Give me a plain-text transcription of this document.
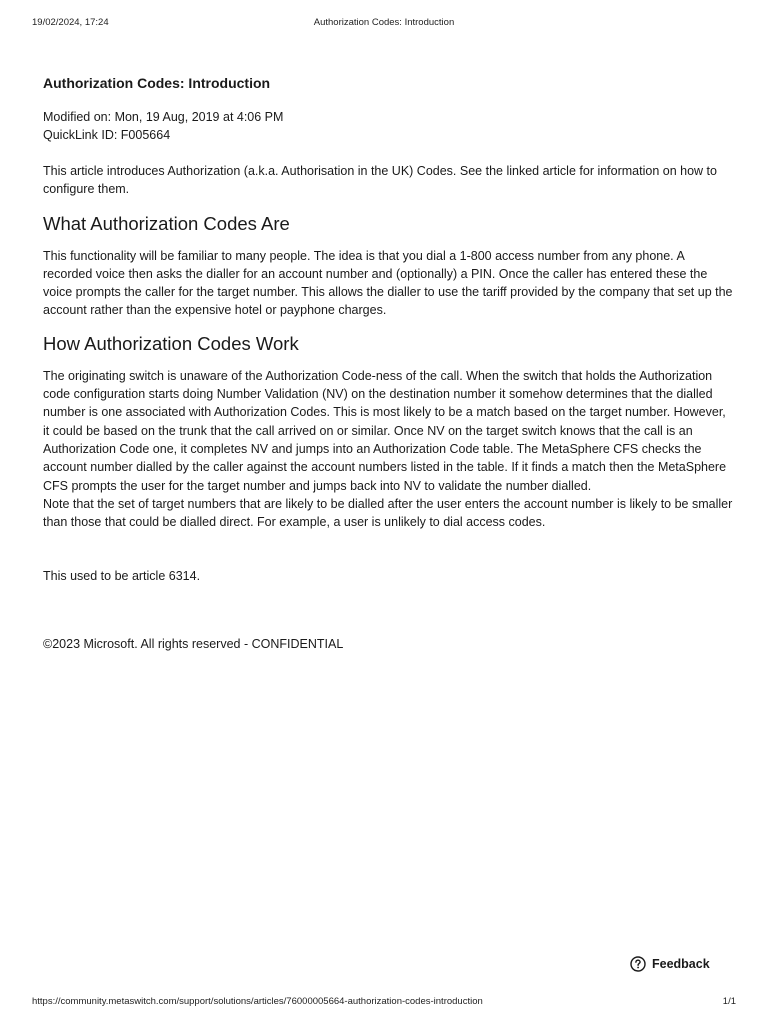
19/02/2024, 17:24	Authorization Codes: Introduction
Authorization Codes: Introduction
Modified on: Mon, 19 Aug, 2019 at 4:06 PM
QuickLink ID: F005664

This article introduces Authorization (a.k.a. Authorisation in the UK) Codes. See the linked article for information on how to configure them.

What Authorization Codes Are

This functionality will be familiar to many people. The idea is that you dial a 1-800 access number from any phone. A recorded voice then asks the dialler for an account number and (optionally) a PIN. Once the caller has entered these the voice prompts the caller for the target number. This allows the dialler to use the tariff provided by the company that set up the account rather than the expensive hotel or payphone charges.

How Authorization Codes Work

The originating switch is unaware of the Authorization Code-ness of the call. When the switch that holds the Authorization code configuration starts doing Number Validation (NV) on the destination number it somehow determines that the dialled number is one associated with Authorization Codes. This is most likely to be a match based on the target number. However, it could be based on the trunk that the call arrived on or similar. Once NV on the target switch knows that the call is an Authorization Code one, it completes NV and jumps into an Authorization Code table. The MetaSphere CFS checks the account number dialled by the caller against the account numbers listed in the table. If it finds a match then the MetaSphere CFS prompts the user for the target number and jumps back into NV to validate the number dialled.

Note that the set of target numbers that are likely to be dialled after the user enters the account number is likely to be smaller than those that could be dialled direct. For example, a user is unlikely to dial access codes.

This used to be article 6314.

©2023 Microsoft. All rights reserved - CONFIDENTIAL
Feedback
https://community.metaswitch.com/support/solutions/articles/76000005664-authorization-codes-introduction	1/1
